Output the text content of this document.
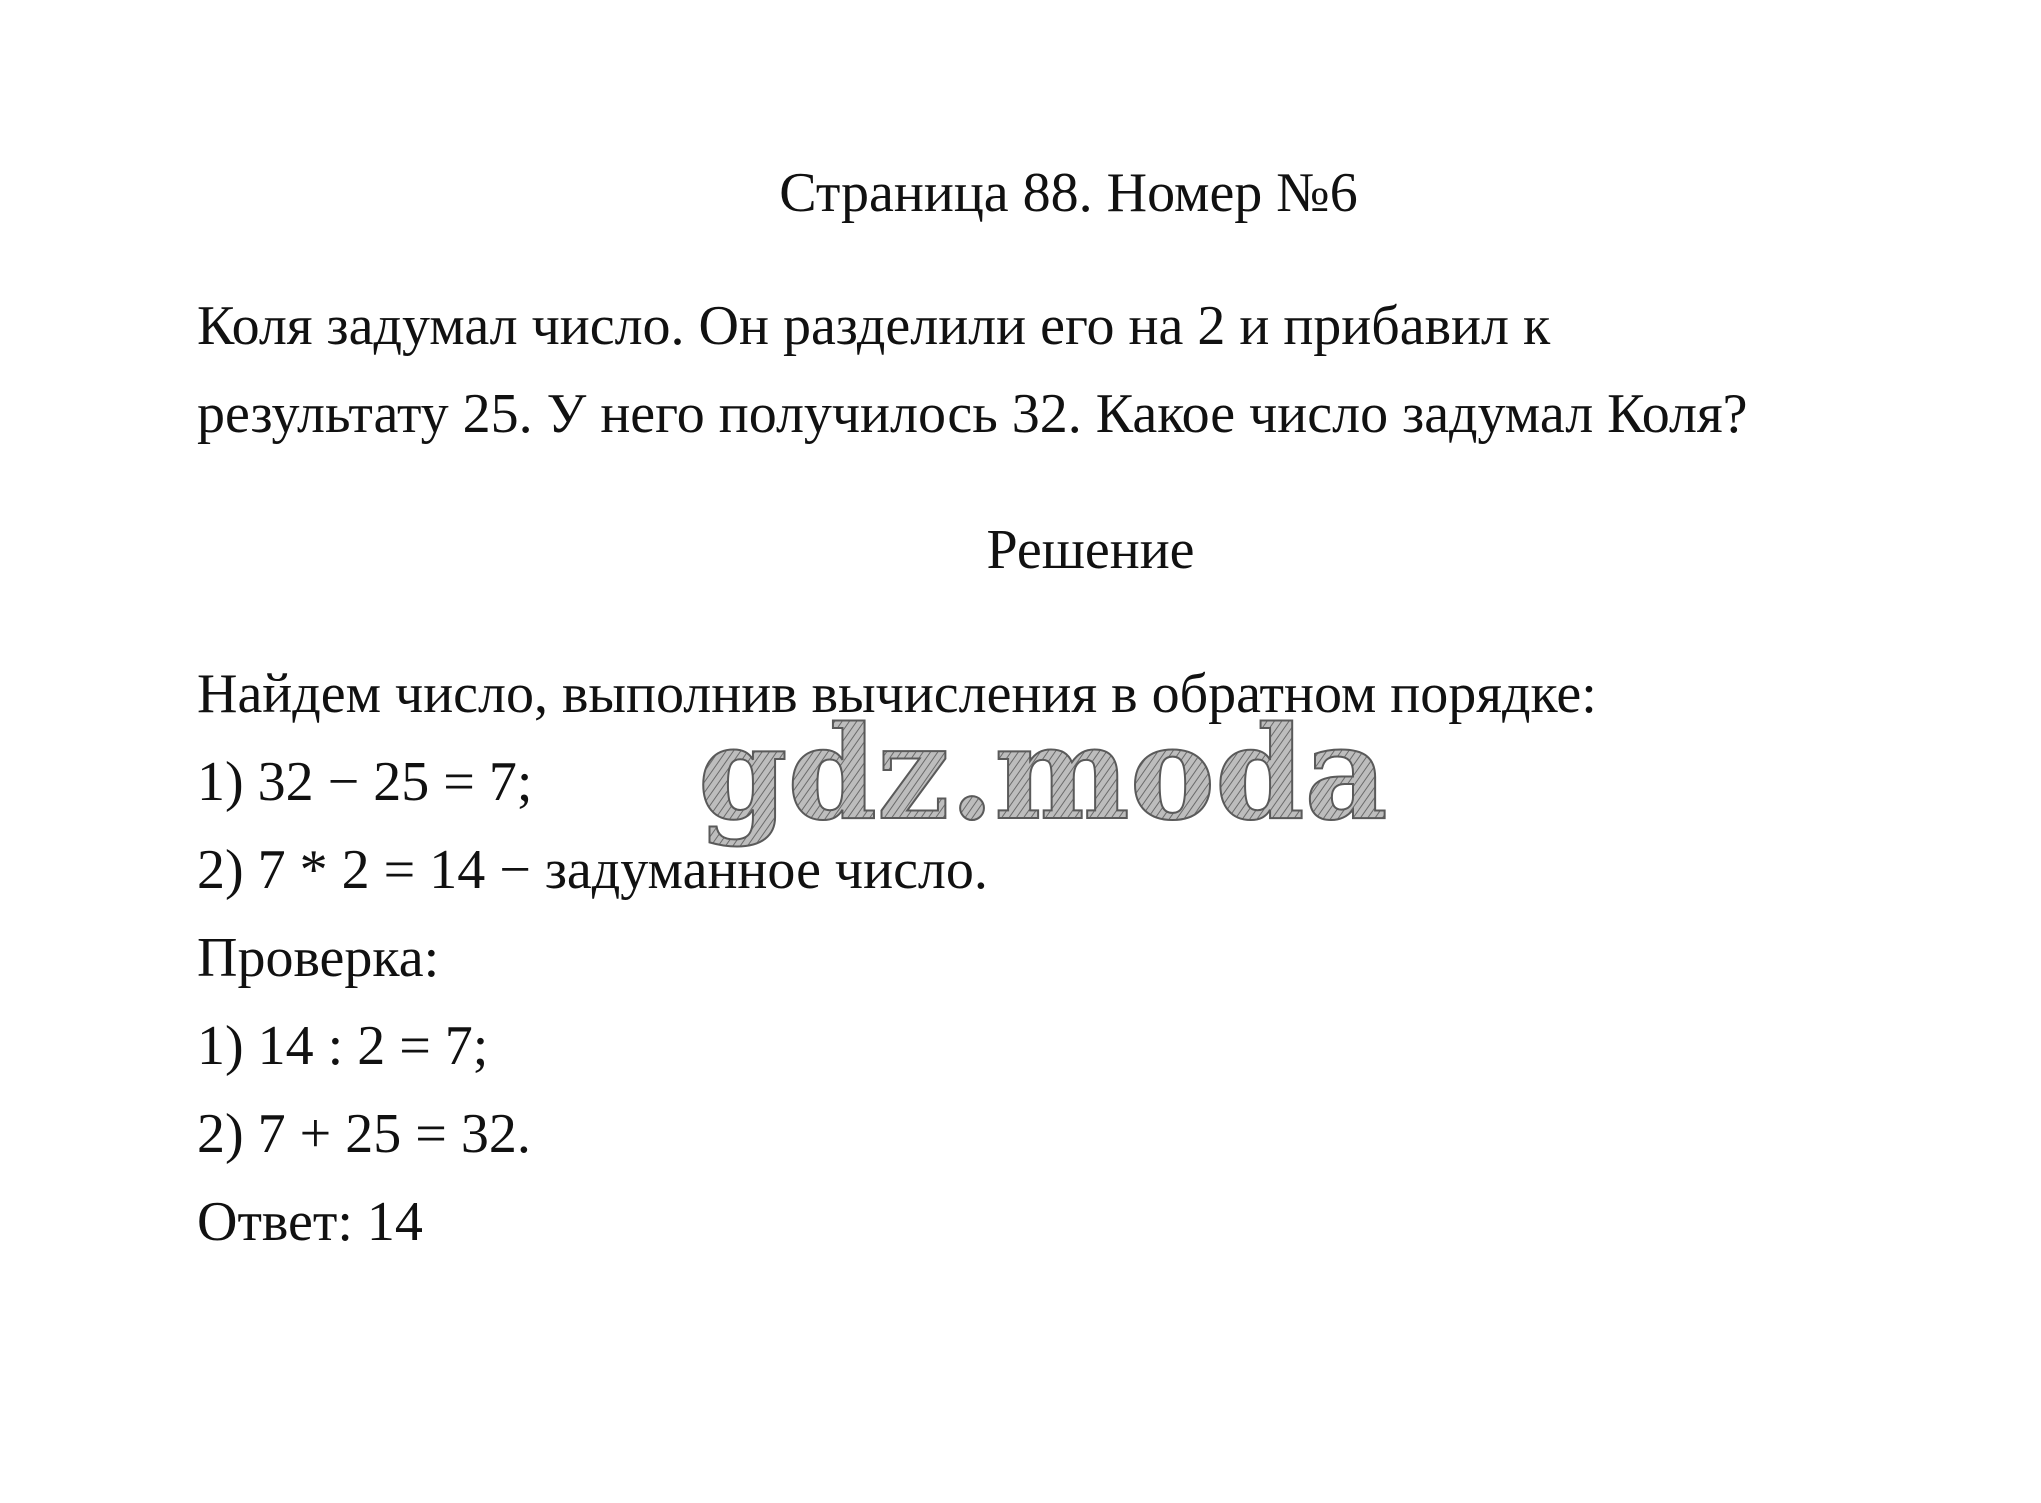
Страница 88. Номер №6
Коля задумал число. Он разделили его на 2 и прибавил к
результату 25. У него получилось 32. Какое число задумал Коля?
Решение
Найдем число, выполнив вычисления в обратном порядке:
1) 32 − 25 = 7;
2) 7 * 2 = 14 − задуманное число.
Проверка:
1) 14 : 2 = 7;
2) 7 + 25 = 32.
Ответ: 14
gdz.moda
